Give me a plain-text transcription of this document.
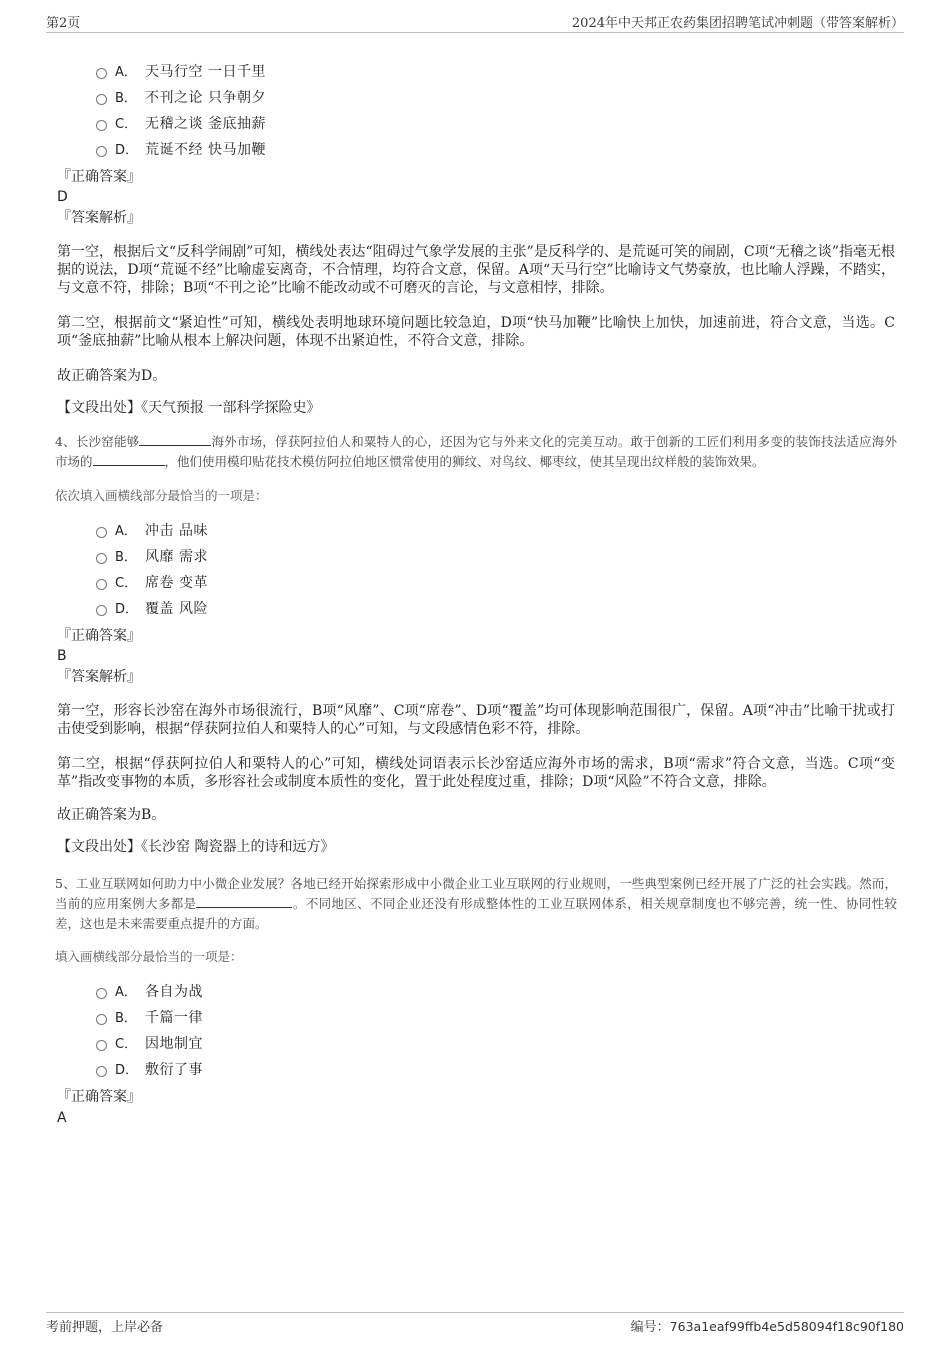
第2页	2024年中天邦正农药集团招聘笔试冲刺题（带答案解析）
A． 天马行空 一日千里
B． 不刊之论 只争朝夕
C． 无稽之谈 釜底抽薪
D． 荒诞不经 快马加鞭
『正确答案』
D
『答案解析』
第一空，根据后文“反科学闹剧”可知，横线处表达“阻碍过气象学发展的主张”是反科学的、是荒诞可笑的闹剧，C项“无稽之谈”指毫无根据的说法，D项“荒诞不经”比喻虚妄离奇，不合情理，均符合文意，保留。A项“天马行空”比喻诗文气势豪放，也比喻人浮躁，不踏实，与文意不符，排除；B项“不刊之论”比喻不能改动或不可磨灭的言论，与文意相悖，排除。
第二空，根据前文“紧迫性”可知，横线处表明地球环境问题比较急迫，D项“快马加鞭”比喻快上加快，加速前进，符合文意，当选。C项“釜底抽薪”比喻从根本上解决问题，体现不出紧迫性，不符合文意，排除。
故正确答案为D。
【文段出处】《天气预报 一部科学探险史》
4、长沙窑能够	海外市场，俘获阿拉伯人和粟特人的心，还因为它与外来文化的完美互动。敢于创新的工匠们利用多变的装饰技法适应海外市场的	，他们使用模印贴花技术模仿阿拉伯地区惯常使用的狮纹、对鸟纹、椰枣纹，使其呈现出纹样般的装饰效果。
依次填入画横线部分最恰当的一项是：
A． 冲击 品味
B． 风靡 需求
C． 席卷 变革
D． 覆盖 风险
『正确答案』
B
『答案解析』
第一空，形容长沙窑在海外市场很流行，B项“风靡”、C项“席卷”、D项“覆盖”均可体现影响范围很广，保留。A项“冲击”比喻干扰或打击使受到影响，根据“俘获阿拉伯人和粟特人的心”可知，与文段感情色彩不符，排除。
第二空，根据“俘获阿拉伯人和粟特人的心”可知，横线处词语表示长沙窑适应海外市场的需求，B项“需求”符合文意，当选。C项“变革”指改变事物的本质，多形容社会或制度本质性的变化，置于此处程度过重，排除；D项“风险”不符合文意，排除。
故正确答案为B。
【文段出处】《长沙窑 陶瓷器上的诗和远方》
5、工业互联网如何助力中小微企业发展？各地已经开始探索形成中小微企业工业互联网的行业规则，一些典型案例已经开展了广泛的社会实践。然而，当前的应用案例大多都是	。不同地区、不同企业还没有形成整体性的工业互联网体系，相关规章制度也不够完善，统一性、协同性较差，这也是未来需要重点提升的方面。
填入画横线部分最恰当的一项是：
A． 各自为战
B． 千篇一律
C． 因地制宜
D． 敷衍了事
『正确答案』
A
考前押题，上岸必备	编号：763a1eaf99ffb4e5d58094f18c90f180
